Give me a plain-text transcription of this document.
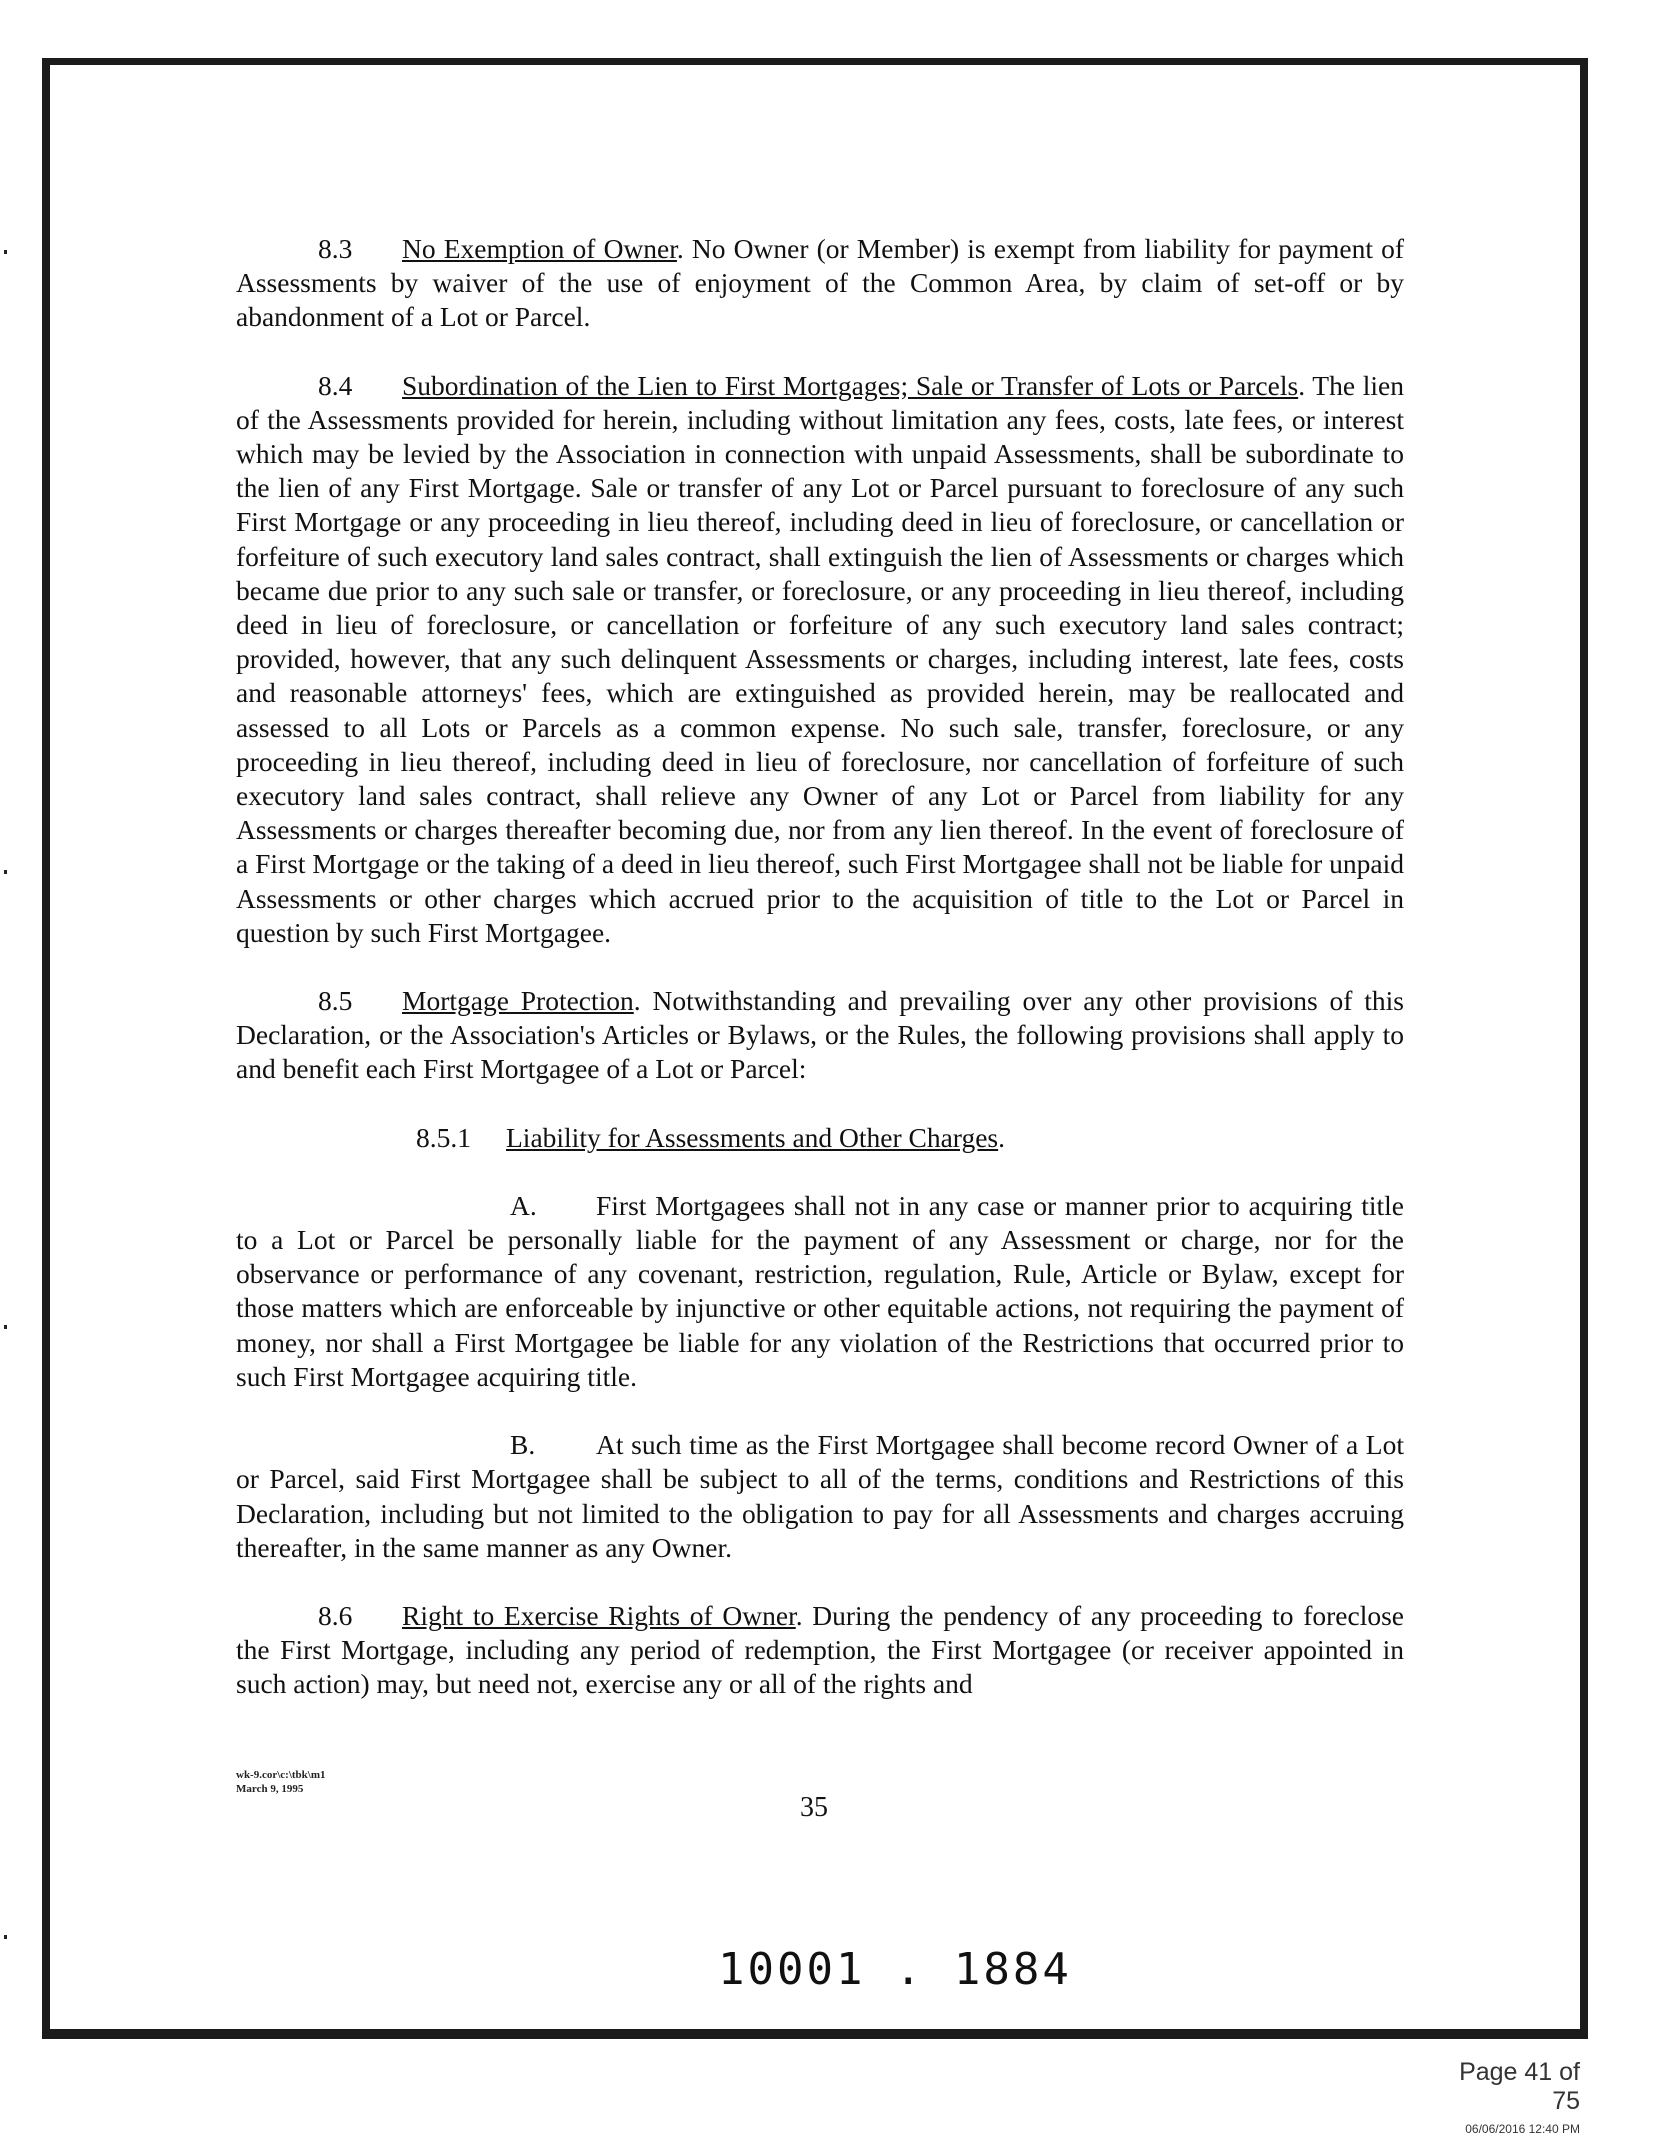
8.3 No Exemption of Owner. No Owner (or Member) is exempt from liability for payment of Assessments by waiver of the use of enjoyment of the Common Area, by claim of set-off or by abandonment of a Lot or Parcel.

8.4 Subordination of the Lien to First Mortgages; Sale or Transfer of Lots or Parcels. The lien of the Assessments provided for herein, including without limitation any fees, costs, late fees, or interest which may be levied by the Association in connection with unpaid Assessments, shall be subordinate to the lien of any First Mortgage. Sale or transfer of any Lot or Parcel pursuant to foreclosure of any such First Mortgage or any proceeding in lieu thereof, including deed in lieu of foreclosure, or cancellation or forfeiture of such executory land sales contract, shall extinguish the lien of Assessments or charges which became due prior to any such sale or transfer, or foreclosure, or any proceeding in lieu thereof, including deed in lieu of foreclosure, or cancellation or forfeiture of any such executory land sales contract; provided, however, that any such delinquent Assessments or charges, including interest, late fees, costs and reasonable attorneys' fees, which are extinguished as provided herein, may be reallocated and assessed to all Lots or Parcels as a common expense. No such sale, transfer, foreclosure, or any proceeding in lieu thereof, including deed in lieu of foreclosure, nor cancellation of forfeiture of such executory land sales contract, shall relieve any Owner of any Lot or Parcel from liability for any Assessments or charges thereafter becoming due, nor from any lien thereof. In the event of foreclosure of a First Mortgage or the taking of a deed in lieu thereof, such First Mortgagee shall not be liable for unpaid Assessments or other charges which accrued prior to the acquisition of title to the Lot or Parcel in question by such First Mortgagee.

8.5 Mortgage Protection. Notwithstanding and prevailing over any other provisions of this Declaration, or the Association's Articles or Bylaws, or the Rules, the following provisions shall apply to and benefit each First Mortgagee of a Lot or Parcel:

8.5.1 Liability for Assessments and Other Charges.

A. First Mortgagees shall not in any case or manner prior to acquiring title to a Lot or Parcel be personally liable for the payment of any Assessment or charge, nor for the observance or performance of any covenant, restriction, regulation, Rule, Article or Bylaw, except for those matters which are enforceable by injunctive or other equitable actions, not requiring the payment of money, nor shall a First Mortgagee be liable for any violation of the Restrictions that occurred prior to such First Mortgagee acquiring title.

B. At such time as the First Mortgagee shall become record Owner of a Lot or Parcel, said First Mortgagee shall be subject to all of the terms, conditions and Restrictions of this Declaration, including but not limited to the obligation to pay for all Assessments and charges accruing thereafter, in the same manner as any Owner.

8.6 Right to Exercise Rights of Owner. During the pendency of any proceeding to foreclose the First Mortgage, including any period of redemption, the First Mortgagee (or receiver appointed in such action) may, but need not, exercise any or all of the rights and

wk-9.cor\c:\tbk\m1
March 9, 1995
35
10001 . 1884
Page 41 of 75
06/06/2016 12:40 PM
